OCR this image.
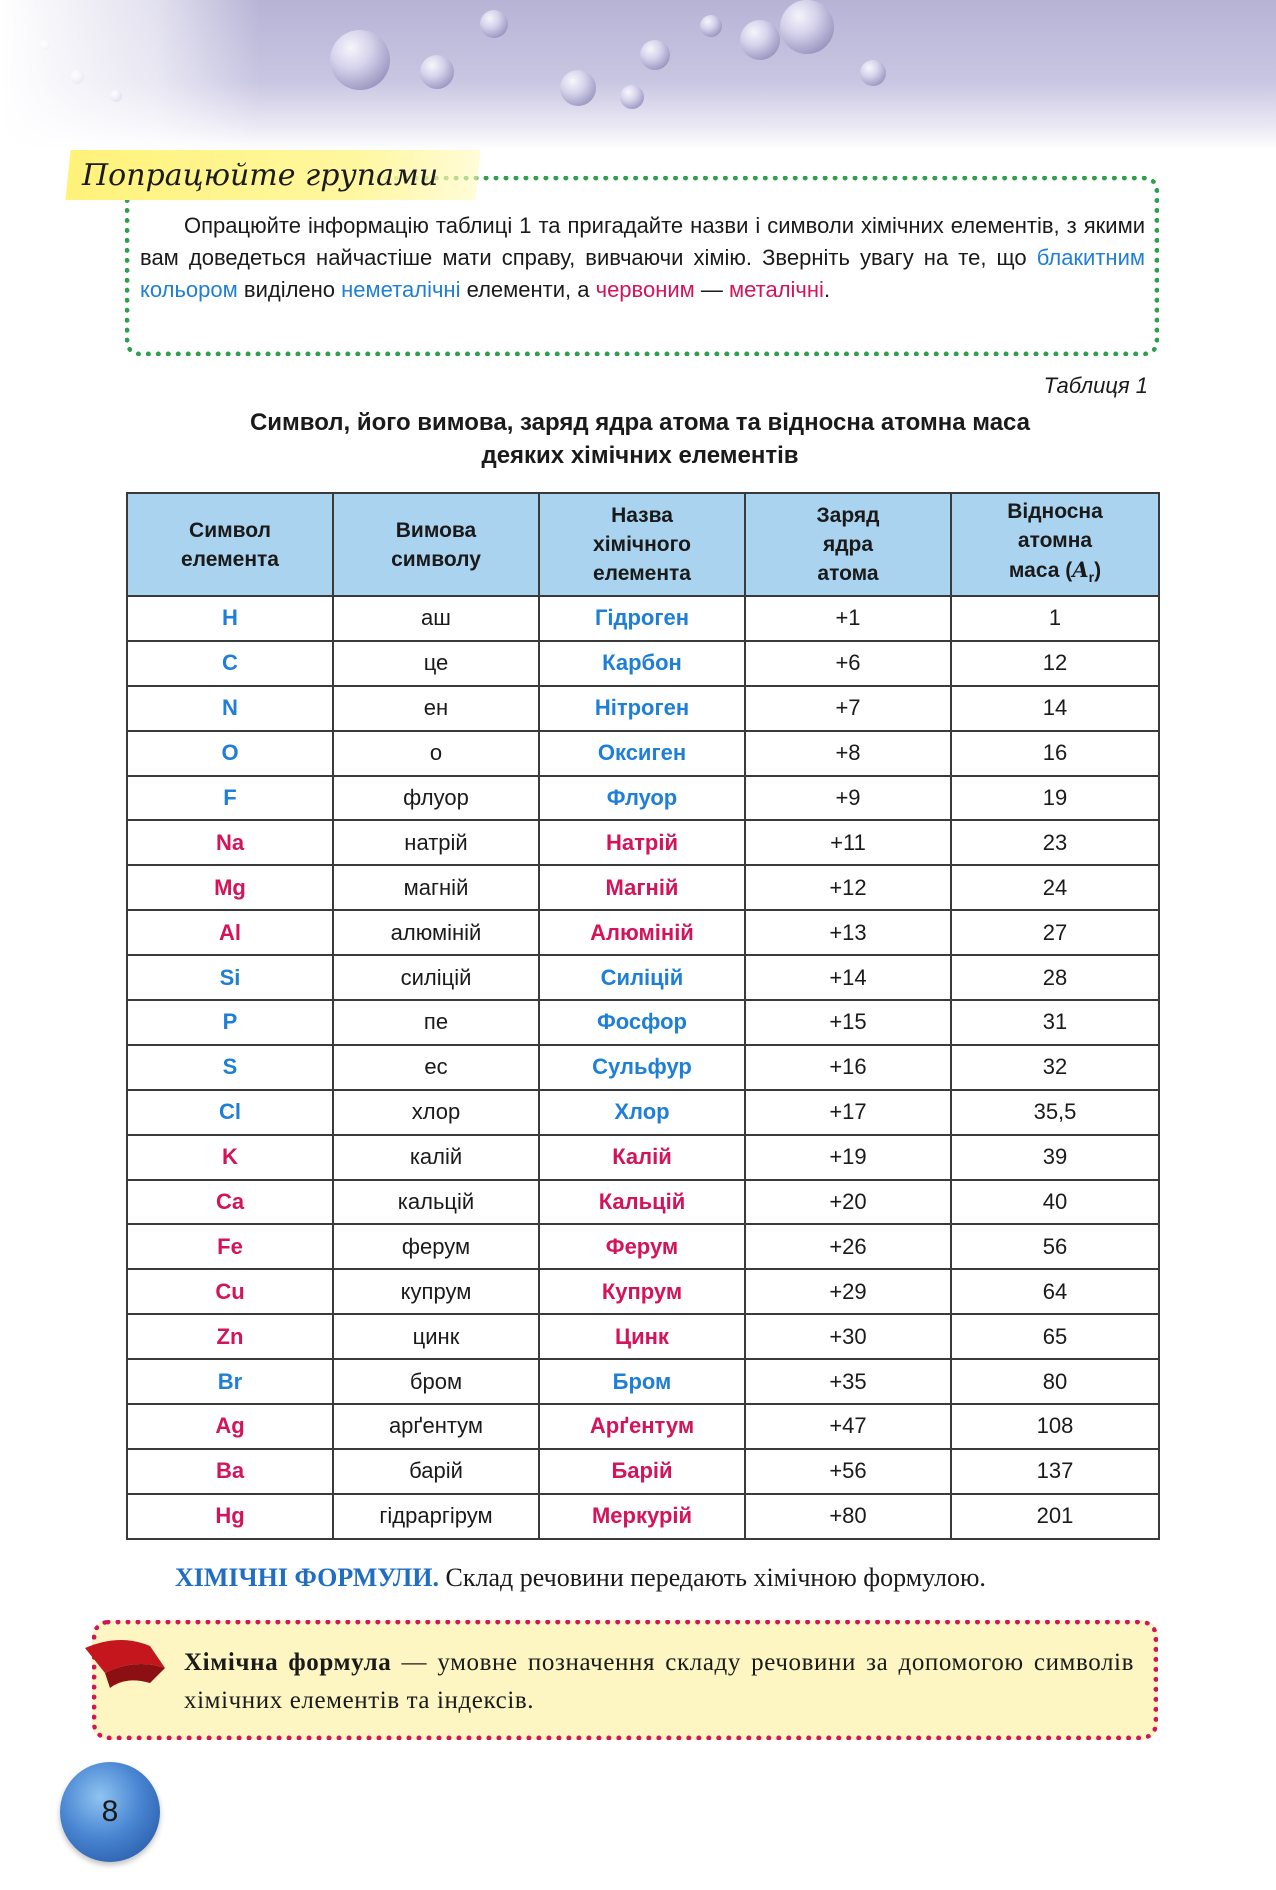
Попрацюйте групами

Опрацюйте інформацію таблиці 1 та пригадайте назви і символи хімічних елементів, з якими вам доведеться найчастіше мати справу, вивчаючи хімію. Зверніть увагу на те, що блакитним кольором виділено неметалічні елементи, а червоним — металічні.

Таблиця 1
Символ, його вимова, заряд ядра атома та відносна атомна маса
деяких хімічних елементів
Символ елемента	Вимова символу	Назва хімічного елемента	Заряд ядра атома	Відносна атомна маса $(A_r)$

H	аш	Гідроген	+1	1
C	це	Карбон	+6	12
N	ен	Нітроген	+7	14
O	о	Оксиген	+8	16
F	флуор	Флуор	+9	19
Na	натрій	Натрій	+11	23
Mg	магній	Магній	+12	24
Al	алюміній	Алюміній	+13	27
Si	силіцій	Силіцій	+14	28
P	пе	Фосфор	+15	31
S	ес	Сульфур	+16	32
Cl	хлор	Хлор	+17	35,5
K	калій	Калій	+19	39
Ca	кальцій	Кальцій	+20	40
Fe	ферум	Ферум	+26	56
Cu	купрум	Купрум	+29	64
Zn	цинк	Цинк	+30	65
Br	бром	Бром	+35	80
Ag	арґентум	Арґентум	+47	108
Ba	барій	Барій	+56	137
Hg	гідраргірум	Меркурій	+80	201

ХІМІЧНІ ФОРМУЛИ. Склад речовини передають хімічною формулою.

Хімічна формула — умовне позначення складу речовини за допомогою символів хімічних елементів та індексів.

8
